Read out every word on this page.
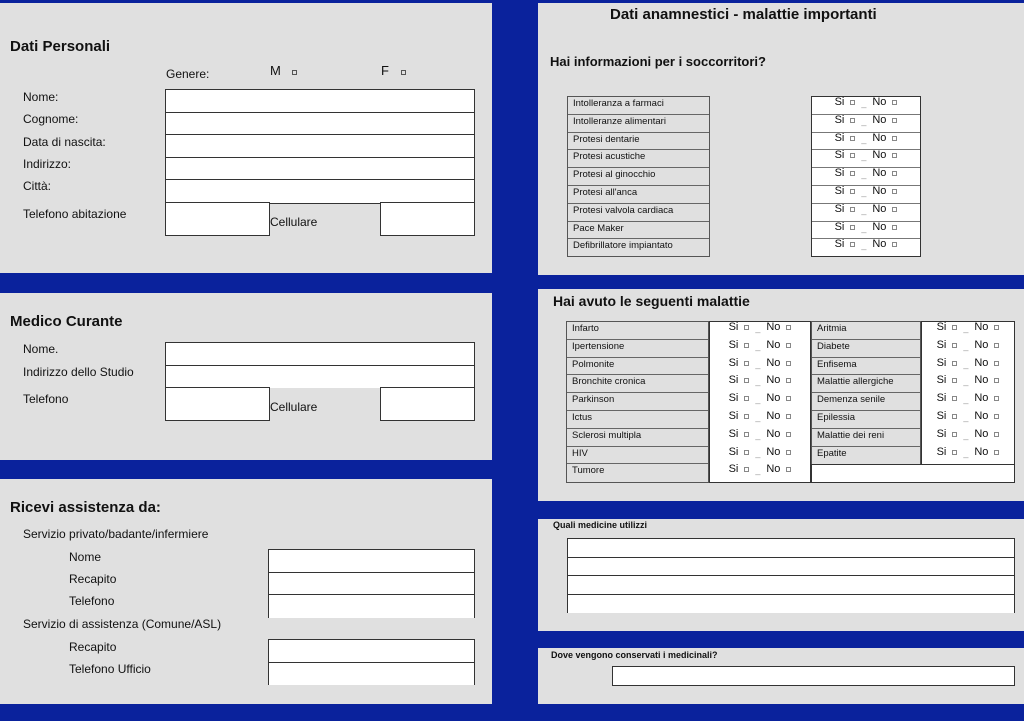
Dati Personali
Genere:	M	F
Nome:
Cognome:
Data di nascita:
Indirizzo:
Città:
Telefono abitazione
Cellulare
Medico Curante
Nome.
Indirizzo dello Studio
Telefono
Cellulare
Ricevi assistenza da:
Servizio privato/badante/infermiere
Nome
Recapito
Telefono
Servizio di assistenza (Comune/ASL)
Recapito
Telefono Ufficio
Dati anamnestici - malattie importanti
Hai informazioni per i soccorritori?
Intolleranza a farmaci
Intolleranze alimentari
Protesi dentarie
Protesi acustiche
Protesi al ginocchio
Protesi all'anca
Protesi valvola cardiaca
Pace Maker
Defibrillatore impiantato
Si _ No
Si _ No
Si _ No
Si _ No
Si _ No
Si _ No
Si _ No
Si _ No
Si _ No
Hai avuto le seguenti malattie
Infarto
Ipertensione
Polmonite
Bronchite cronica
Parkinson
Ictus
Sclerosi multipla
HIV
Tumore
Si _ No
Si _ No
Si _ No
Si _ No
Si _ No
Si _ No
Si _ No
Si _ No
Si _ No
Aritmia
Diabete
Enfisema
Malattie allergiche
Demenza senile
Epilessia
Malattie dei reni
Epatite
Si _ No
Si _ No
Si _ No
Si _ No
Si _ No
Si _ No
Si _ No
Si _ No
Quali medicine utilizzi
Dove vengono conservati i medicinali?
